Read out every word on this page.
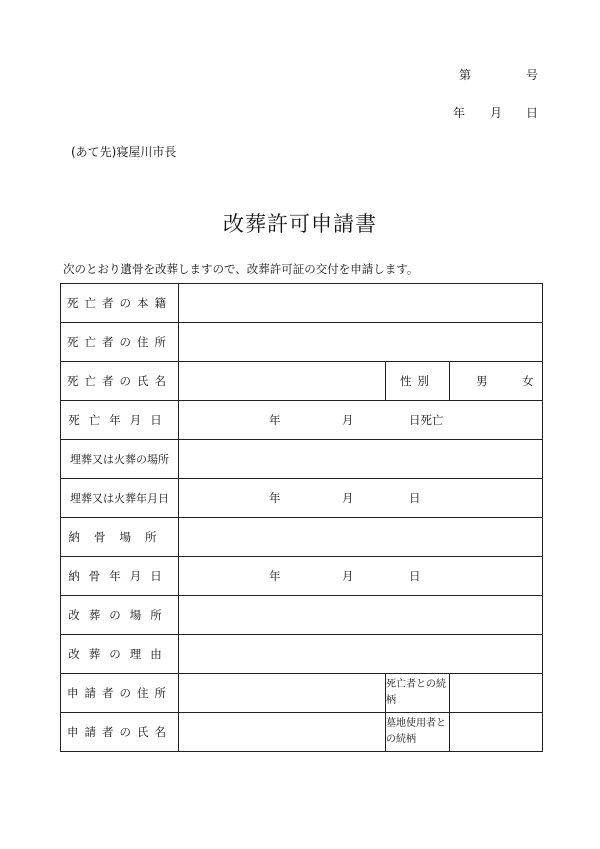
第	号
年 月 日
(あて先)寝屋川市長
改葬許可申請書
次のとおり遺骨を改葬しますので、改葬許可証の交付を申請します。
死亡者の本籍			
死亡者の住所			
死亡者の氏名		性別	男 女

死亡年月日	年 月 日死亡		

埋葬又は火葬の場所			
埋葬又は火葬年月日	年 月 日		

納骨場所			
納骨年月日	年 月 日		

改葬の場所			
改葬の理由			
申請者の住所		死亡者との続柄	
申請者の氏名		墓地使用者との続柄	
